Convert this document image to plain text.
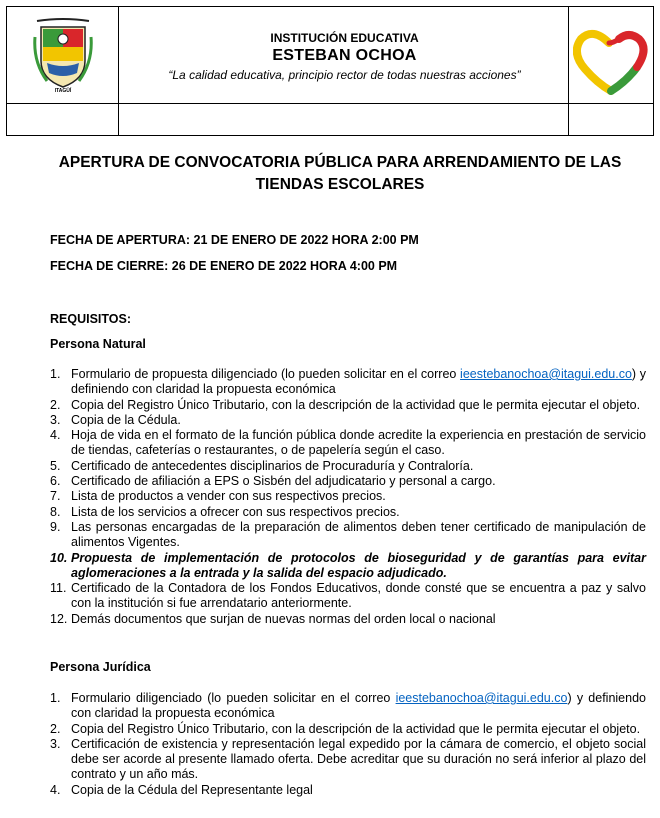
ITAGÜÍ
INSTITUCIÓN EDUCATIVA
ESTEBAN OCHOA
“La calidad educativa, principio rector de todas nuestras acciones”
APERTURA DE CONVOCATORIA PÚBLICA PARA ARRENDAMIENTO DE LAS TIENDAS ESCOLARES
FECHA DE APERTURA: 21 DE ENERO DE 2022 HORA 2:00 PM
FECHA DE CIERRE: 26 DE ENERO DE 2022 HORA 4:00 PM
REQUISITOS:
Persona Natural
1. Formulario de propuesta diligenciado (lo pueden solicitar en el correo ieestebanochoa@itagui.edu.co) y definiendo con claridad la propuesta económica
2. Copia del Registro Único Tributario, con la descripción de la actividad que le permita ejecutar el objeto.
3. Copia de la Cédula.
4. Hoja de vida en el formato de la función pública donde acredite la experiencia en prestación de servicio de tiendas, cafeterías o restaurantes, o de papelería según el caso.
5. Certificado de antecedentes disciplinarios de Procuraduría y Contraloría.
6. Certificado de afiliación a EPS o Sisbén del adjudicatario y personal a cargo.
7. Lista de productos a vender con sus respectivos precios.
8. Lista de los servicios a ofrecer con sus respectivos precios.
9. Las personas encargadas de la preparación de alimentos deben tener certificado de manipulación de alimentos Vigentes.
10. Propuesta de implementación de protocolos de bioseguridad y de garantías para evitar aglomeraciones a la entrada y la salida del espacio adjudicado.
11. Certificado de la Contadora de los Fondos Educativos, donde consté que se encuentra a paz y salvo con la institución si fue arrendatario anteriormente.
12. Demás documentos que surjan de nuevas normas del orden local o nacional
Persona Jurídica
1. Formulario diligenciado (lo pueden solicitar en el correo ieestebanochoa@itagui.edu.co) y definiendo con claridad la propuesta económica
2. Copia del Registro Único Tributario, con la descripción de la actividad que le permita ejecutar el objeto.
3. Certificación de existencia y representación legal expedido por la cámara de comercio, el objeto social debe ser acorde al presente llamado oferta. Debe acreditar que su duración no será inferior al plazo del contrato y un año más.
4. Copia de la Cédula del Representante legal
